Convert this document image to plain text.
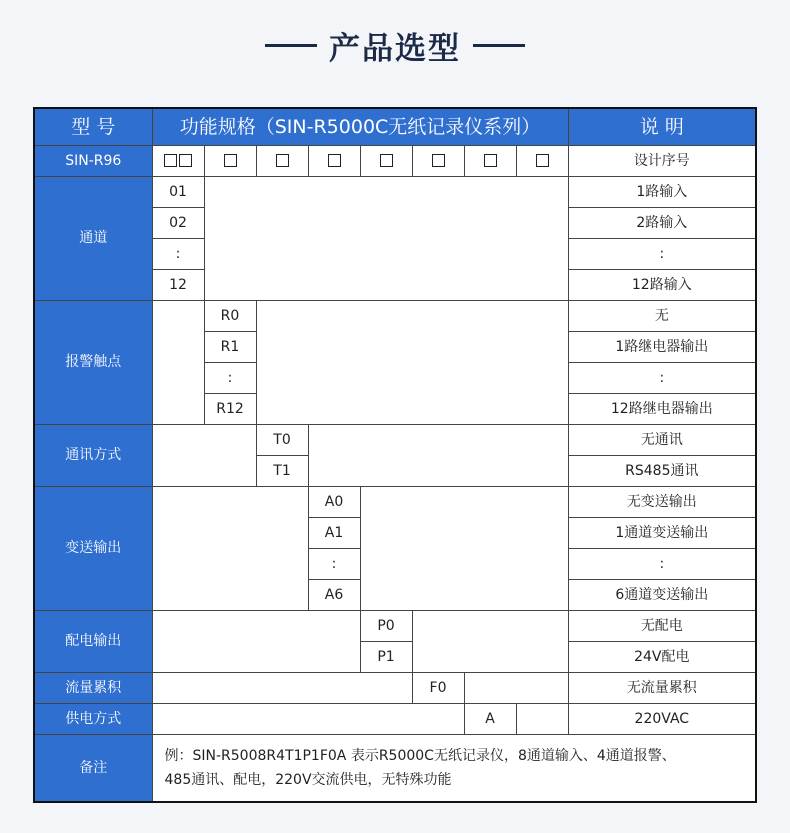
产品选型
型 号	功能规格（SIN-R5000C无纸记录仪系列）								说 明
SIN-R96									设计序号
通道	01								1路输入
	02								2路输入
	:								:
	12								12路输入
报警触点		R0							无
		R1							1路继电器输出
		:							:
		R12							12路继电器输出
通讯方式			T0						无通讯
			T1						RS485通讯
变送输出				A0					无变送输出
				A1					1通道变送输出
				:					:
				A6					6通道变送输出
配电输出					P0				无配电
					P1				24V配电
流量累积						F0			无流量累积
供电方式							A		220VAC
备注	例：SIN-R5008R4T1P1F0A 表示R5000C无纸记录仪，8通道输入、4通道报警、
485通讯、配电，220V交流供电，无特殊功能								
